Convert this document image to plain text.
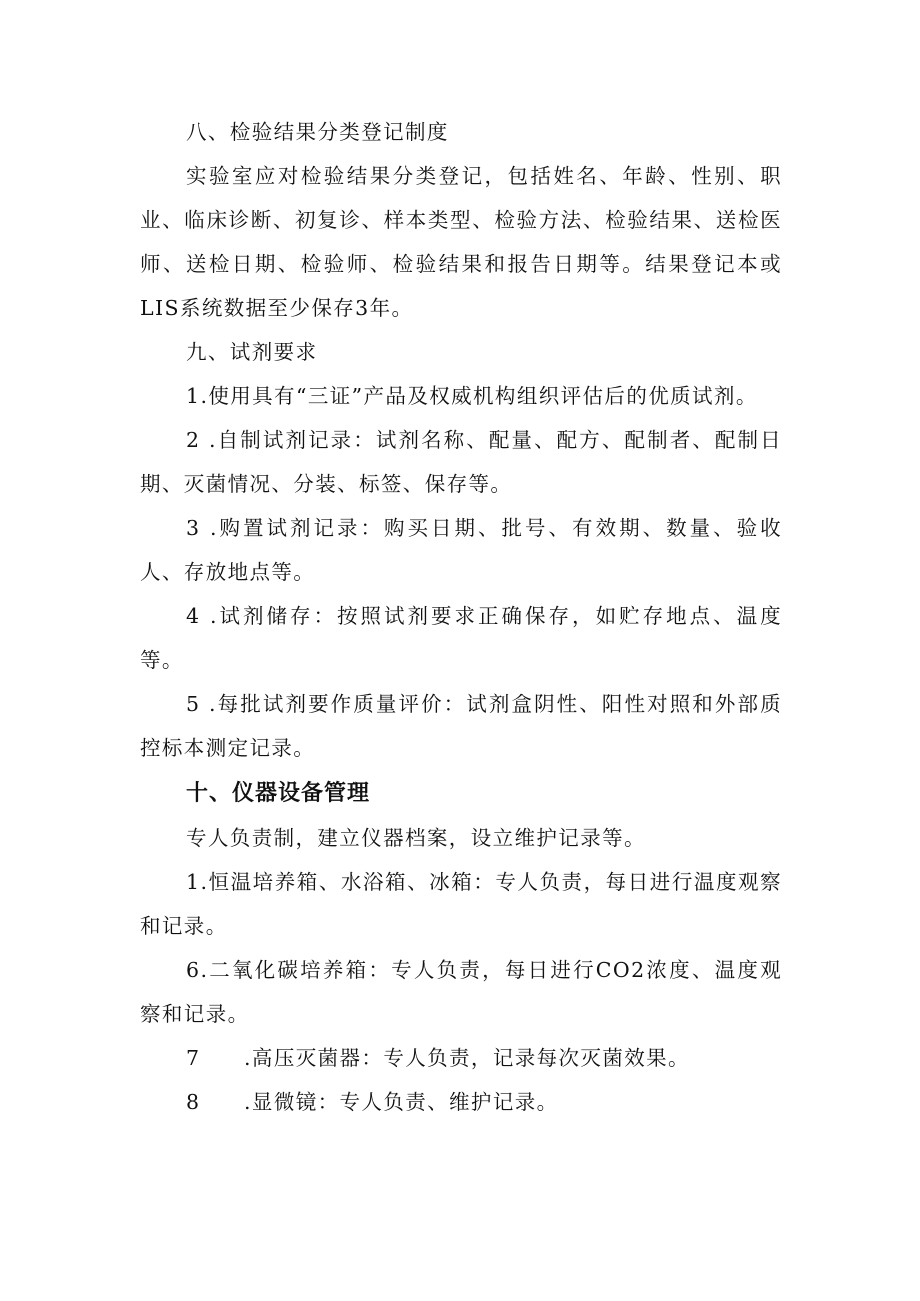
八、检验结果分类登记制度

实验室应对检验结果分类登记，包括姓名、年龄、性别、职业、临床诊断、初复诊、样本类型、检验方法、检验结果、送检医师、送检日期、检验师、检验结果和报告日期等。结果登记本或LIS系统数据至少保存3年。

九、试剂要求

1.使用具有“三证”产品及权威机构组织评估后的优质试剂。

2 .自制试剂记录：试剂名称、配量、配方、配制者、配制日期、灭菌情况、分装、标签、保存等。

3 .购置试剂记录：购买日期、批号、有效期、数量、验收人、存放地点等。

4 .试剂储存：按照试剂要求正确保存，如贮存地点、温度等。

5 .每批试剂要作质量评价：试剂盒阴性、阳性对照和外部质控标本测定记录。

十、仪器设备管理

专人负责制，建立仪器档案，设立维护记录等。

1.恒温培养箱、水浴箱、冰箱：专人负责，每日进行温度观察和记录。

6.二氧化碳培养箱：专人负责，每日进行CO2浓度、温度观察和记录。

7 .高压灭菌器：专人负责，记录每次灭菌效果。
8 .显微镜：专人负责、维护记录。
